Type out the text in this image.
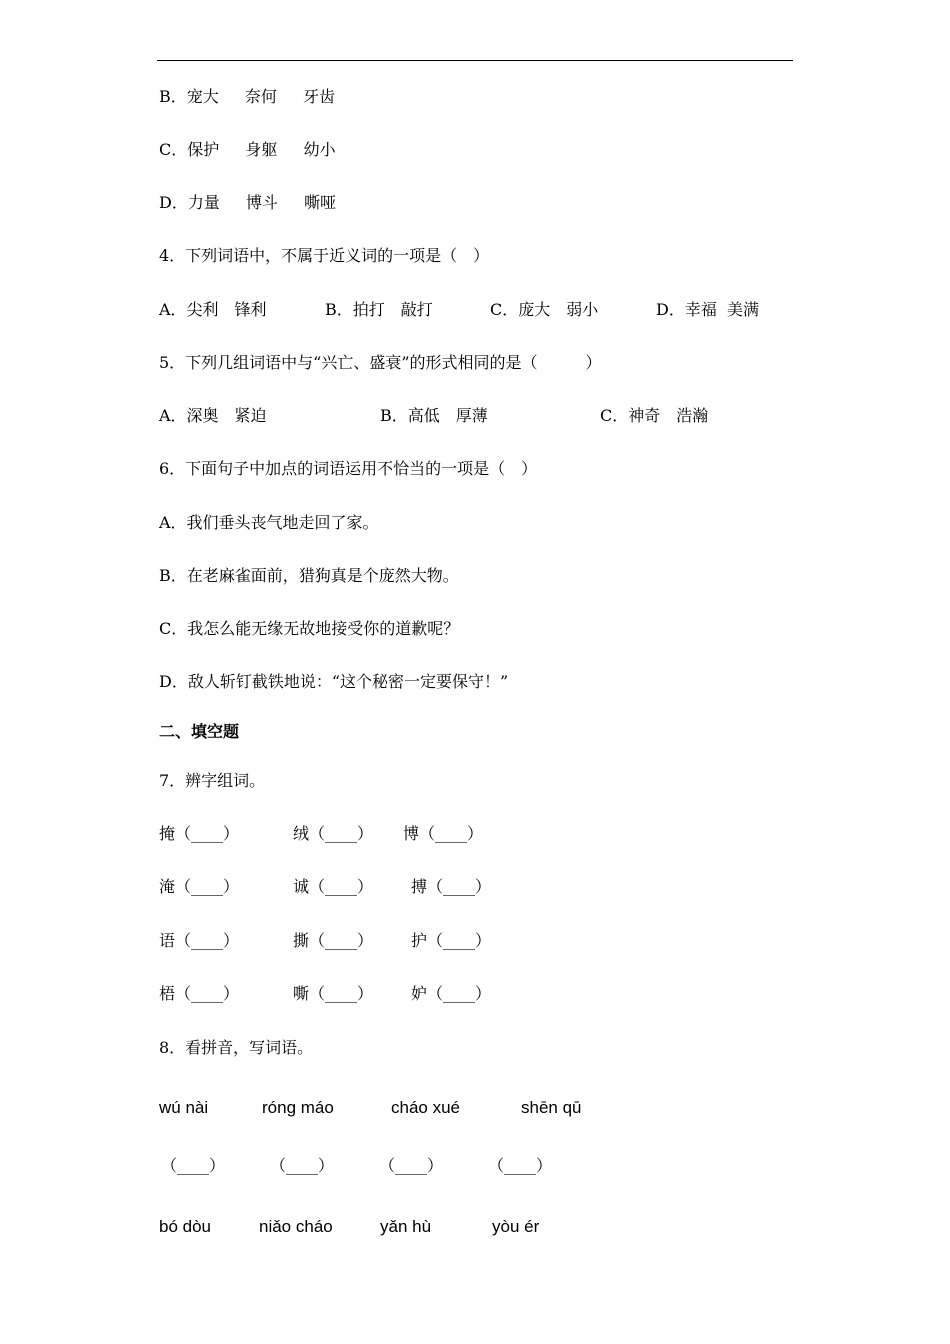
B．宠大　  奈何　  牙齿
C．保护　  身躯　  幼小
D．力量　  博斗　  嘶哑
4．下列词语中，不属于近义词的一项是（　）
A．尖利　锋利	B．拍打　敲打	C．庞大　弱小	D．幸福  美满
5．下列几组词语中与“兴亡、盛衰”的形式相同的是（　　　）
A．深奥　紧迫	B．高低　厚薄	C．神奇　浩瀚
6．下面句子中加点的词语运用不恰当的一项是（　）
A．我们垂头丧气地走回了家。
B．在老麻雀面前，猎狗真是个庞然大物。
C．我怎么能无缘无故地接受你的道歉呢？
D．敌人斩钉截铁地说：“这个秘密一定要保守！”
二、填空题
7．辨字组词。
掩（____）	绒（____） 博（____）
淹（____）	诚（____） 搏（____）
语（____）	撕（____） 护（____）
梧（____）	嘶（____） 妒（____）
8．看拼音，写词语。
wú nài	róng máo	cháo xué	shēn qū
（____）	（____）	（____）	（____）
bó dòu	niǎo cháo	yǎn hù	yòu ér
